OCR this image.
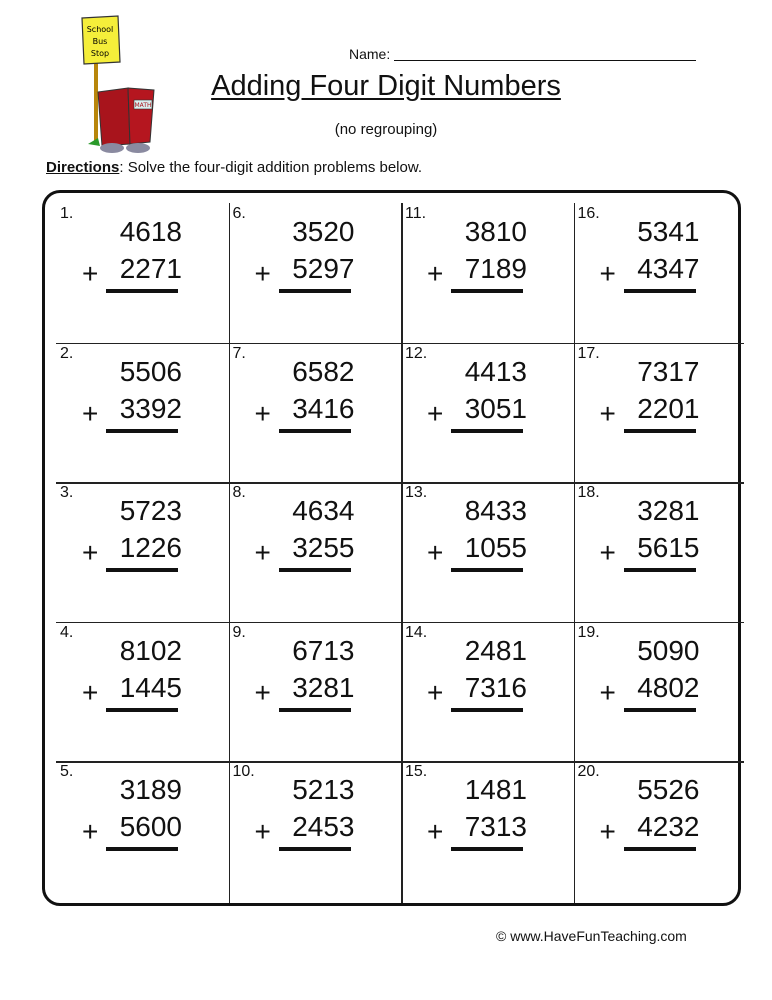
School
Bus
Stop
MATH
Name:
Adding Four Digit Numbers
(no regrouping)
Directions: Solve the four-digit addition problems below.
1.
4618
+ 2271
2.
5506
+ 3392
3.
5723
+ 1226
4.
8102
+ 1445
5.
3189
+ 5600
6.
3520
+ 5297
7.
6582
+ 3416
8.
4634
+ 3255
9.
6713
+ 3281
10.
5213
+ 2453
11.
3810
+ 7189
12.
4413
+ 3051
13.
8433
+ 1055
14.
2481
+ 7316
15.
1481
+ 7313
16.
5341
+ 4347
17.
7317
+ 2201
18.
3281
+ 5615
19.
5090
+ 4802
20.
5526
+ 4232
© www.HaveFunTeaching.com
